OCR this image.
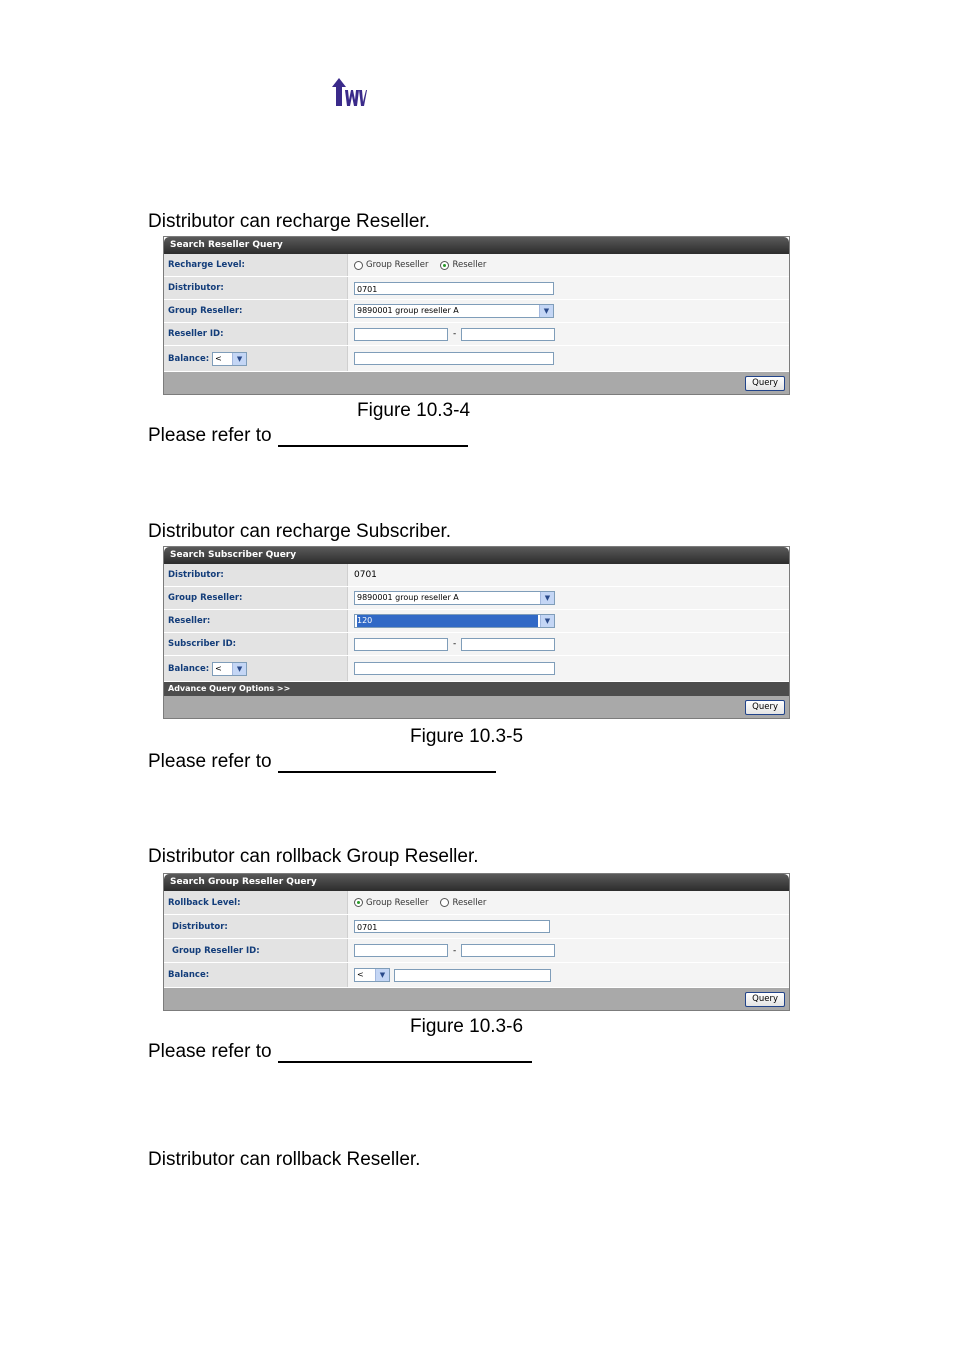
Distributor can recharge Reseller.
Search Reseller Query
Recharge Level:	Group Reseller	Reseller
Distributor:	0701
Group Reseller:	9890001 group reseller A	▼
Reseller ID:	-
Balance: <	▼
Query
Figure 10.3-4
Please refer to
Distributor can recharge Subscriber.
Search Subscriber Query
Distributor:	0701
Group Reseller:	9890001 group reseller A	▼
Reseller:	120	▼
Subscriber ID:	-
Balance: <	▼
Advance Query Options >>
Query
Figure 10.3-5
Please refer to
Distributor can rollback Group Reseller.
Search Group Reseller Query
Rollback Level:	Group Reseller	Reseller
Distributor:	0701
Group Reseller ID:	-
Balance:	<	▼
Query
Figure 10.3-6
Please refer to
Distributor can rollback Reseller.
